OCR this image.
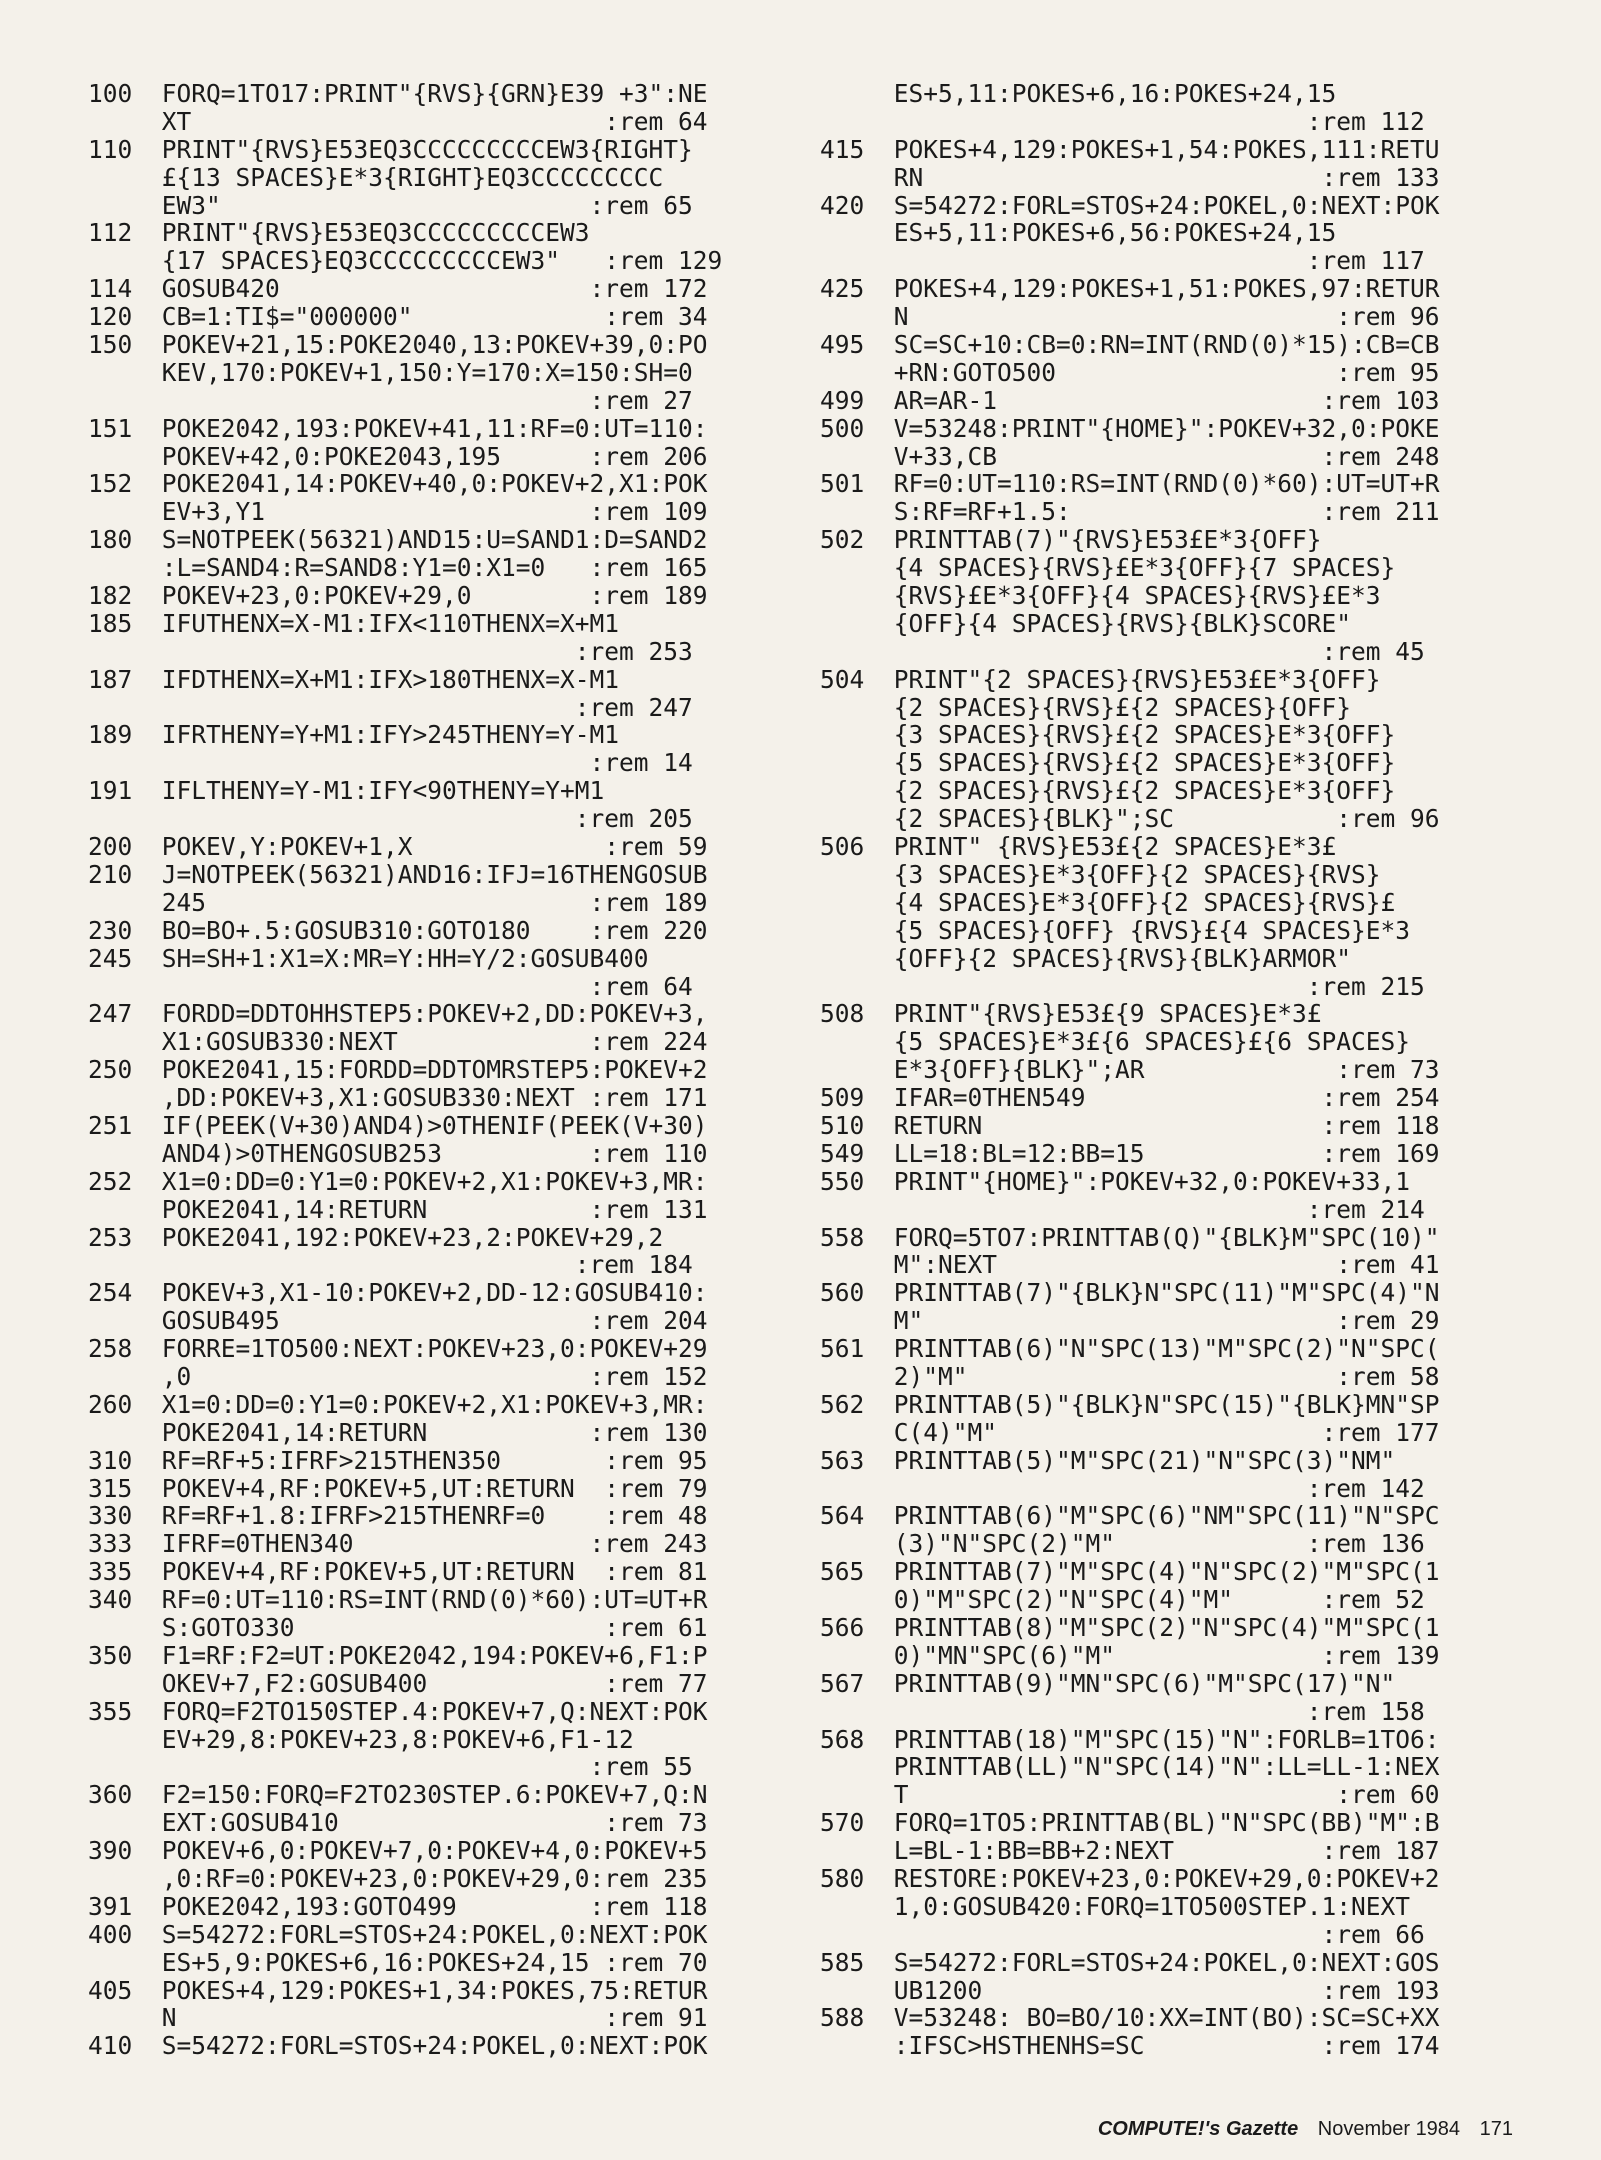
100  FORQ=1TO17:PRINT"{RVS}{GRN}E39 +3":NE
XT                            :rem 64
110  PRINT"{RVS}E53EQ3CCCCCCCCCEW3{RIGHT}
£{13 SPACES}E*3{RIGHT}EQ3CCCCCCCCC
EW3"                         :rem 65
112  PRINT"{RVS}E53EQ3CCCCCCCCCEW3
{17 SPACES}EQ3CCCCCCCCCEW3"   :rem 129
114  GOSUB420                     :rem 172
120  CB=1:TI$="000000"             :rem 34
150  POKEV+21,15:POKE2040,13:POKEV+39,0:PO
KEV,170:POKEV+1,150:Y=170:X=150:SH=0
:rem 27
151  POKE2042,193:POKEV+41,11:RF=0:UT=110:
POKEV+42,0:POKE2043,195      :rem 206
152  POKE2041,14:POKEV+40,0:POKEV+2,X1:POK
EV+3,Y1                      :rem 109
180  S=NOTPEEK(56321)AND15:U=SAND1:D=SAND2
:L=SAND4:R=SAND8:Y1=0:X1=0   :rem 165
182  POKEV+23,0:POKEV+29,0        :rem 189
185  IFUTHENX=X-M1:IFX<110THENX=X+M1
:rem 253
187  IFDTHENX=X+M1:IFX>180THENX=X-M1
:rem 247
189  IFRTHENY=Y+M1:IFY>245THENY=Y-M1
:rem 14
191  IFLTHENY=Y-M1:IFY<90THENY=Y+M1
:rem 205
200  POKEV,Y:POKEV+1,X             :rem 59
210  J=NOTPEEK(56321)AND16:IFJ=16THENGOSUB
245                          :rem 189
230  BO=BO+.5:GOSUB310:GOTO180    :rem 220
245  SH=SH+1:X1=X:MR=Y:HH=Y/2:GOSUB400
:rem 64
247  FORDD=DDTOHHSTEP5:POKEV+2,DD:POKEV+3,
X1:GOSUB330:NEXT             :rem 224
250  POKE2041,15:FORDD=DDTOMRSTEP5:POKEV+2
,DD:POKEV+3,X1:GOSUB330:NEXT :rem 171
251  IF(PEEK(V+30)AND4)>0THENIF(PEEK(V+30)
AND4)>0THENGOSUB253          :rem 110
252  X1=0:DD=0:Y1=0:POKEV+2,X1:POKEV+3,MR:
POKE2041,14:RETURN           :rem 131
253  POKE2041,192:POKEV+23,2:POKEV+29,2
:rem 184
254  POKEV+3,X1-10:POKEV+2,DD-12:GOSUB410:
GOSUB495                     :rem 204
258  FORRE=1TO500:NEXT:POKEV+23,0:POKEV+29
,0                           :rem 152
260  X1=0:DD=0:Y1=0:POKEV+2,X1:POKEV+3,MR:
POKE2041,14:RETURN           :rem 130
310  RF=RF+5:IFRF>215THEN350       :rem 95
315  POKEV+4,RF:POKEV+5,UT:RETURN  :rem 79
330  RF=RF+1.8:IFRF>215THENRF=0    :rem 48
333  IFRF=0THEN340                :rem 243
335  POKEV+4,RF:POKEV+5,UT:RETURN  :rem 81
340  RF=0:UT=110:RS=INT(RND(0)*60):UT=UT+R
S:GOTO330                     :rem 61
350  F1=RF:F2=UT:POKE2042,194:POKEV+6,F1:P
OKEV+7,F2:GOSUB400            :rem 77
355  FORQ=F2TO150STEP.4:POKEV+7,Q:NEXT:POK
EV+29,8:POKEV+23,8:POKEV+6,F1-12
:rem 55
360  F2=150:FORQ=F2TO230STEP.6:POKEV+7,Q:N
EXT:GOSUB410                  :rem 73
390  POKEV+6,0:POKEV+7,0:POKEV+4,0:POKEV+5
,0:RF=0:POKEV+23,0:POKEV+29,0:rem 235
391  POKE2042,193:GOTO499         :rem 118
400  S=54272:FORL=STOS+24:POKEL,0:NEXT:POK
ES+5,9:POKES+6,16:POKES+24,15 :rem 70
405  POKES+4,129:POKES+1,34:POKES,75:RETUR
N                             :rem 91
410  S=54272:FORL=STOS+24:POKEL,0:NEXT:POK
ES+5,11:POKES+6,16:POKES+24,15
:rem 112
415  POKES+4,129:POKES+1,54:POKES,111:RETU
RN                           :rem 133
420  S=54272:FORL=STOS+24:POKEL,0:NEXT:POK
ES+5,11:POKES+6,56:POKES+24,15
:rem 117
425  POKES+4,129:POKES+1,51:POKES,97:RETUR
N                             :rem 96
495  SC=SC+10:CB=0:RN=INT(RND(0)*15):CB=CB
+RN:GOTO500                   :rem 95
499  AR=AR-1                      :rem 103
500  V=53248:PRINT"{HOME}":POKEV+32,0:POKE
V+33,CB                      :rem 248
501  RF=0:UT=110:RS=INT(RND(0)*60):UT=UT+R
S:RF=RF+1.5:                 :rem 211
502  PRINTTAB(7)"{RVS}E53£E*3{OFF}
{4 SPACES}{RVS}£E*3{OFF}{7 SPACES}
{RVS}£E*3{OFF}{4 SPACES}{RVS}£E*3
{OFF}{4 SPACES}{RVS}{BLK}SCORE"
:rem 45
504  PRINT"{2 SPACES}{RVS}E53£E*3{OFF}
{2 SPACES}{RVS}£{2 SPACES}{OFF}
{3 SPACES}{RVS}£{2 SPACES}E*3{OFF}
{5 SPACES}{RVS}£{2 SPACES}E*3{OFF}
{2 SPACES}{RVS}£{2 SPACES}E*3{OFF}
{2 SPACES}{BLK}";SC           :rem 96
506  PRINT" {RVS}E53£{2 SPACES}E*3£
{3 SPACES}E*3{OFF}{2 SPACES}{RVS}
{4 SPACES}E*3{OFF}{2 SPACES}{RVS}£
{5 SPACES}{OFF} {RVS}£{4 SPACES}E*3
{OFF}{2 SPACES}{RVS}{BLK}ARMOR"
:rem 215
508  PRINT"{RVS}E53£{9 SPACES}E*3£
{5 SPACES}E*3£{6 SPACES}£{6 SPACES}
E*3{OFF}{BLK}";AR             :rem 73
509  IFAR=0THEN549                :rem 254
510  RETURN                       :rem 118
549  LL=18:BL=12:BB=15            :rem 169
550  PRINT"{HOME}":POKEV+32,0:POKEV+33,1
:rem 214
558  FORQ=5TO7:PRINTTAB(Q)"{BLK}M"SPC(10)"
M":NEXT                       :rem 41
560  PRINTTAB(7)"{BLK}N"SPC(11)"M"SPC(4)"N
M"                            :rem 29
561  PRINTTAB(6)"N"SPC(13)"M"SPC(2)"N"SPC(
2)"M"                         :rem 58
562  PRINTTAB(5)"{BLK}N"SPC(15)"{BLK}MN"SP
C(4)"M"                      :rem 177
563  PRINTTAB(5)"M"SPC(21)"N"SPC(3)"NM"
:rem 142
564  PRINTTAB(6)"M"SPC(6)"NM"SPC(11)"N"SPC
(3)"N"SPC(2)"M"             :rem 136
565  PRINTTAB(7)"M"SPC(4)"N"SPC(2)"M"SPC(1
0)"M"SPC(2)"N"SPC(4)"M"      :rem 52
566  PRINTTAB(8)"M"SPC(2)"N"SPC(4)"M"SPC(1
0)"MN"SPC(6)"M"              :rem 139
567  PRINTTAB(9)"MN"SPC(6)"M"SPC(17)"N"
:rem 158
568  PRINTTAB(18)"M"SPC(15)"N":FORLB=1TO6:
PRINTTAB(LL)"N"SPC(14)"N":LL=LL-1:NEX
T                             :rem 60
570  FORQ=1TO5:PRINTTAB(BL)"N"SPC(BB)"M":B
L=BL-1:BB=BB+2:NEXT          :rem 187
580  RESTORE:POKEV+23,0:POKEV+29,0:POKEV+2
1,0:GOSUB420:FORQ=1TO500STEP.1:NEXT
:rem 66
585  S=54272:FORL=STOS+24:POKEL,0:NEXT:GOS
UB1200                       :rem 193
588  V=53248: BO=BO/10:XX=INT(BO):SC=SC+XX
:IFSC>HSTHENHS=SC            :rem 174
COMPUTE!'s Gazette November 1984 171
